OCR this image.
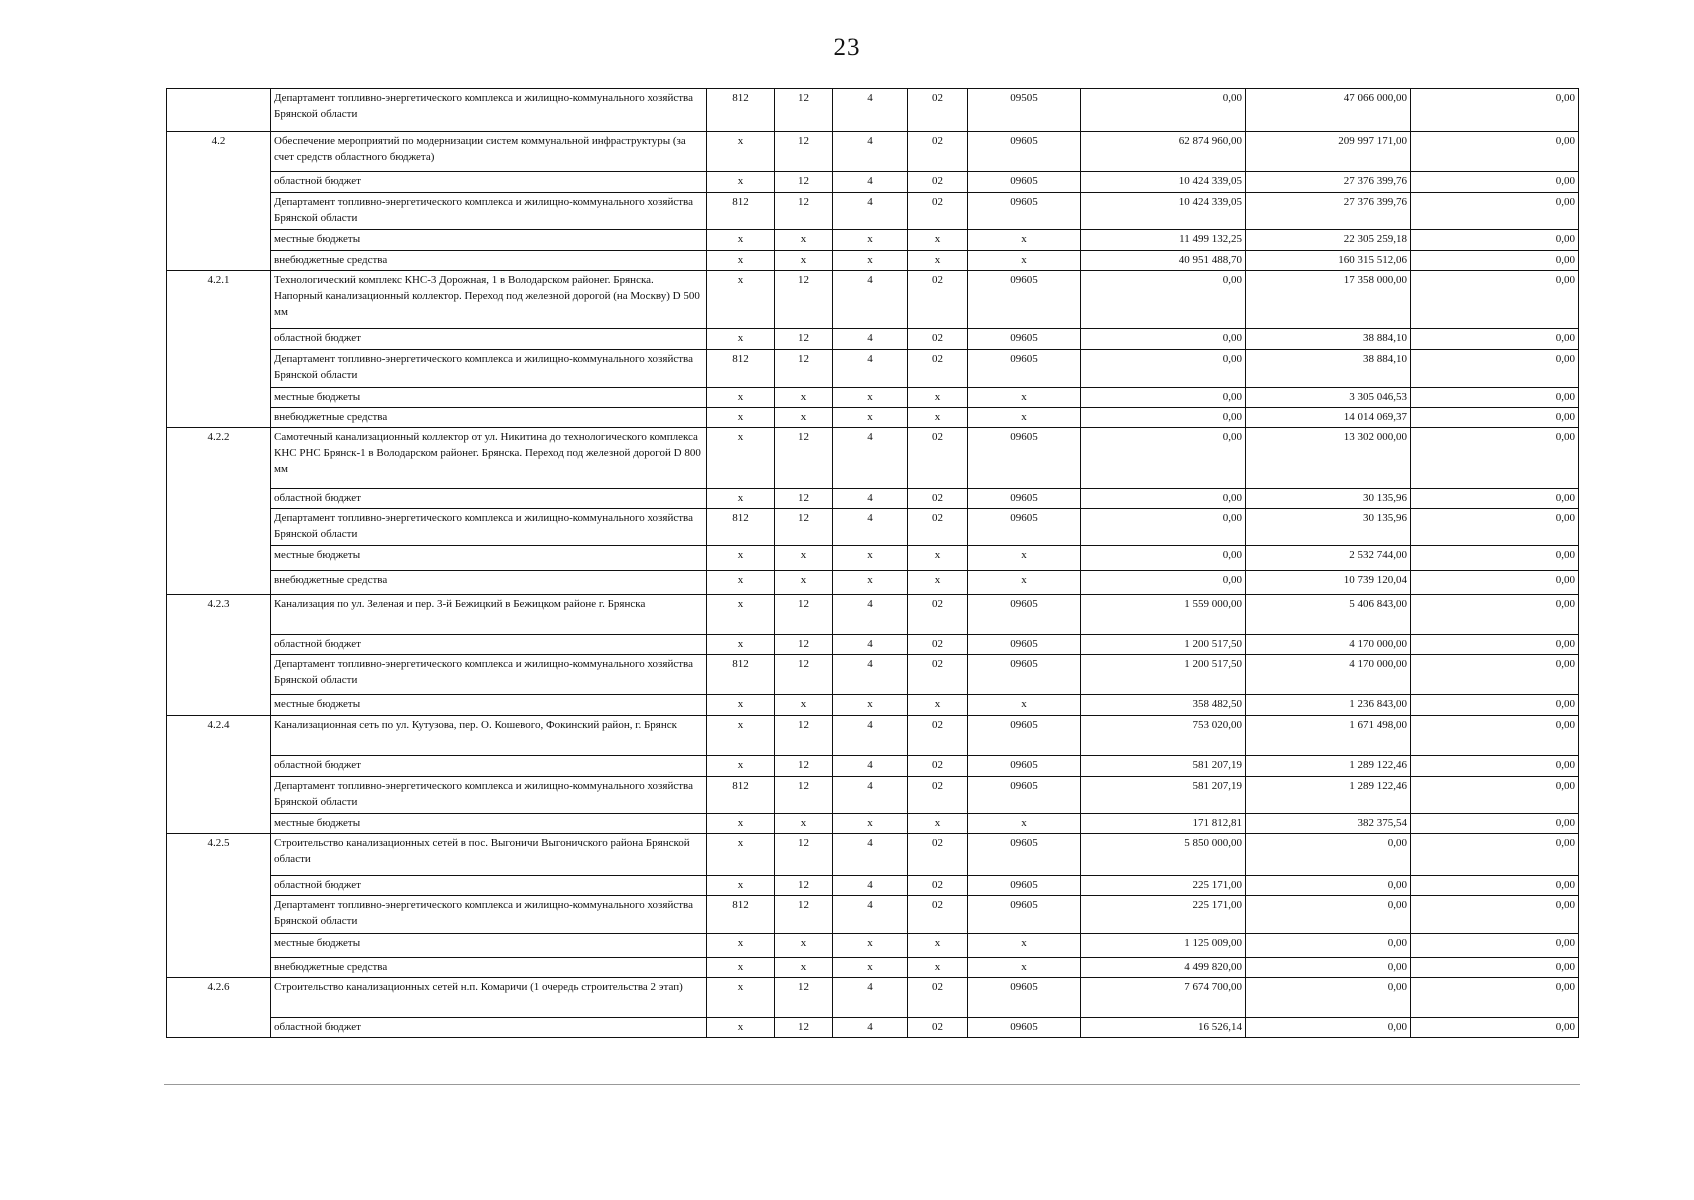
23
	Департамент топливно-энергетического комплекса и жилищно-коммунального хозяйства Брянской области	812	12	4	02	09505	0,00	47 066 000,00	0,00
4.2	Обеспечение мероприятий по модернизации систем коммунальной инфраструктуры (за счет средств областного бюджета)	x	12	4	02	09605	62 874 960,00	209 997 171,00	0,00
	областной бюджет	x	12	4	02	09605	10 424 339,05	27 376 399,76	0,00
	Департамент топливно-энергетического комплекса и жилищно-коммунального хозяйства Брянской области	812	12	4	02	09605	10 424 339,05	27 376 399,76	0,00
	местные бюджеты	x	x	x	x	x	11 499 132,25	22 305 259,18	0,00
	внебюджетные средства	x	x	x	x	x	40 951 488,70	160 315 512,06	0,00
4.2.1	Технологический комплекс КНС-3 Дорожная, 1 в Володарском районег. Брянска. Напорный канализационный коллектор. Переход под железной дорогой (на Москву) D 500 мм	x	12	4	02	09605	0,00	17 358 000,00	0,00
	областной бюджет	x	12	4	02	09605	0,00	38 884,10	0,00
	Департамент топливно-энергетического комплекса и жилищно-коммунального хозяйства Брянской области	812	12	4	02	09605	0,00	38 884,10	0,00
	местные бюджеты	x	x	x	x	x	0,00	3 305 046,53	0,00
	внебюджетные средства	x	x	x	x	x	0,00	14 014 069,37	0,00
4.2.2	Самотечный канализационный коллектор от ул. Никитина до технологического комплекса КНС РНС Брянск-1 в Володарском районег. Брянска. Переход под железной дорогой D 800 мм	x	12	4	02	09605	0,00	13 302 000,00	0,00
	областной бюджет	x	12	4	02	09605	0,00	30 135,96	0,00
	Департамент топливно-энергетического комплекса и жилищно-коммунального хозяйства Брянской области	812	12	4	02	09605	0,00	30 135,96	0,00
	местные бюджеты	x	x	x	x	x	0,00	2 532 744,00	0,00
	внебюджетные средства	x	x	x	x	x	0,00	10 739 120,04	0,00
4.2.3	Канализация по ул. Зеленая и пер. 3-й Бежицкий в Бежицком районе г. Брянска	x	12	4	02	09605	1 559 000,00	5 406 843,00	0,00
	областной бюджет	x	12	4	02	09605	1 200 517,50	4 170 000,00	0,00
	Департамент топливно-энергетического комплекса и жилищно-коммунального хозяйства Брянской области	812	12	4	02	09605	1 200 517,50	4 170 000,00	0,00
	местные бюджеты	x	x	x	x	x	358 482,50	1 236 843,00	0,00
4.2.4	Канализационная сеть по ул. Кутузова, пер. О. Кошевого, Фокинский район, г. Брянск	x	12	4	02	09605	753 020,00	1 671 498,00	0,00
	областной бюджет	x	12	4	02	09605	581 207,19	1 289 122,46	0,00
	Департамент топливно-энергетического комплекса и жилищно-коммунального хозяйства Брянской области	812	12	4	02	09605	581 207,19	1 289 122,46	0,00
	местные бюджеты	x	x	x	x	x	171 812,81	382 375,54	0,00
4.2.5	Строительство канализационных сетей в пос. Выгоничи Выгоничского района Брянской области	x	12	4	02	09605	5 850 000,00	0,00	0,00
	областной бюджет	x	12	4	02	09605	225 171,00	0,00	0,00
	Департамент топливно-энергетического комплекса и жилищно-коммунального хозяйства Брянской области	812	12	4	02	09605	225 171,00	0,00	0,00
	местные бюджеты	x	x	x	x	x	1 125 009,00	0,00	0,00
	внебюджетные средства	x	x	x	x	x	4 499 820,00	0,00	0,00
4.2.6	Строительство канализационных сетей н.п. Комаричи (1 очередь строительства 2 этап)	x	12	4	02	09605	7 674 700,00	0,00	0,00
	областной бюджет	x	12	4	02	09605	16 526,14	0,00	0,00
